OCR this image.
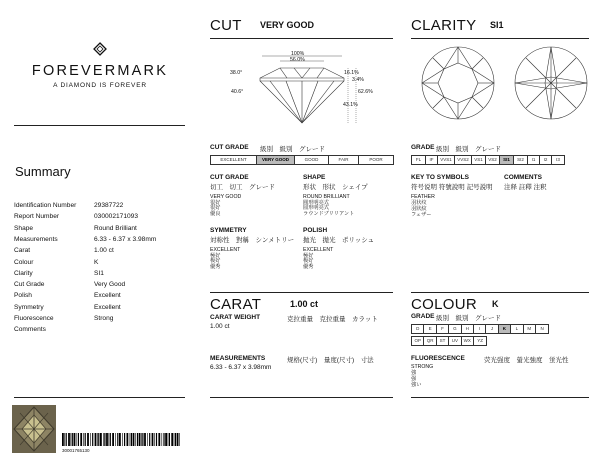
FOREVERMARK
A DIAMOND IS FOREVER
Summary
Identification Number	29387722
Report Number	030002171093
Shape	Round Brilliant
Measurements	6.33 - 6.37 x 3.98mm
Carat	1.00 ct
Colour	K
Clarity	SI1
Cut Grade	Very Good
Polish	Excellent
Symmetry	Excellent
Fluorescence	Strong
Comments
30001765130
CUT VERY GOOD
100%
56.0%
38.0°
40.6°
16.1%
3.4%
62.6%
43.1%
CUT GRADE 級別　級別　グレード
EXCELLENT	VERY GOOD	GOOD	FAIR	POOR
CUT GRADE
切工　切工　グレード
VERY GOOD
很好
很好
優良
SHAPE
形状　形状　シェイプ
ROUND BRILLIANT
圓形明亮式
圆形明亮式
ラウンドブリリアント
SYMMETRY
対称性　對稱　シンメトリー
EXCELLENT
極好
极好
優秀
POLISH
抛光　拋光　ポリッシュ
EXCELLENT
極好
极好
優秀
CLARITY SI1
GRADE 級別　級別　グレード
FL	IF	VVS1	VVS2	VS1	VS2	SI1	SI2	I1	I2	I3
KEY TO SYMBOLS
符号说明 符號說明 記号説明
FEATHER
羽状纹
羽狀紋
フェザー
COMMENTS
注释 註釋 注釈
CARAT	1.00 ct
CARAT WEIGHT	克拉重量　克拉重量　カラット
1.00 ct
MEASUREMENTS	规格(尺寸)　量度(尺寸)　寸法
6.33 - 6.37 x 3.98mm
COLOUR K
GRADE 級別　級別　グレード
D	E	F	G	H	I	J	K	L	M	N
OP	QR	ST	UV	WX	YZ
FLUORESCENCE	荧光强度　螢光強度　蛍光性
STRONG
強
强
強い
